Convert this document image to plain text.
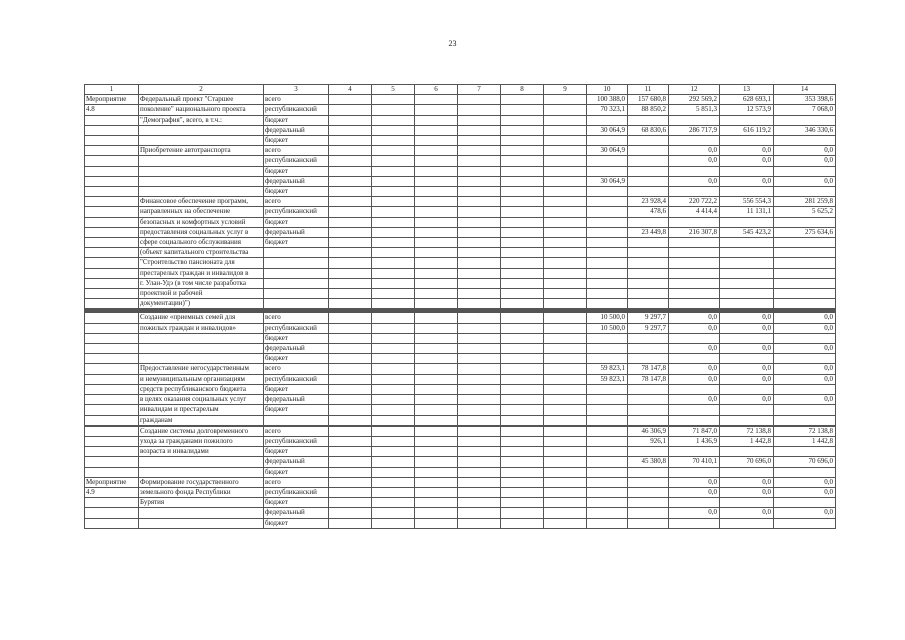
23
1	2	3	4	5	6	7	8	9	10	11	12	13	14
Мероприятие	Федеральный проект "Старшее	всего							100 388,0	157 680,8	292 569,2	628 693,1	353 398,6
4.8	поколение" национального проекта	республиканский							70 323,1	88 850,2	5 851,3	12 573,9	7 068,0
	"Демография", всего, в т.ч.:	бюджет											
		федеральный							30 064,9	68 830,6	286 717,9	616 119,2	346 330,6
		бюджет											
	Приобретение автотранспорта	всего							30 064,9		0,0	0,0	0,0
		республиканский									0,0	0,0	0,0
		бюджет											
		федеральный							30 064,9		0,0	0,0	0,0
		бюджет											
	Финансовое обеспечение программ,	всего								23 928,4	220 722,2	556 554,3	281 259,8
	направленных на обеспечение	республиканский								478,6	4 414,4	11 131,1	5 625,2
	безопасных и комфортных условий	бюджет											
	предоставления социальных услуг в	федеральный								23 449,8	216 307,8	545 423,2	275 634,6
	сфере социального обслуживания	бюджет											
	(объект капитального строительства												
	"Строительство пансионата для												
	престарелых граждан и инвалидов в												
	г. Улан-Удэ (в том числе разработка												
	проектной и рабочей												
	документации)")												

	Создание «приемных семей для	всего							10 500,0	9 297,7	0,0	0,0	0,0
	пожилых граждан и инвалидов»	республиканский							10 500,0	9 297,7	0,0	0,0	0,0
		бюджет											
		федеральный									0,0	0,0	0,0
		бюджет											
	Предоставление негосударственным	всего							59 823,1	78 147,8	0,0	0,0	0,0
	и немуниципальным организациям	республиканский							59 823,1	78 147,8	0,0	0,0	0,0
	средств республиканского бюджета	бюджет											
	в целях оказания социальных услуг	федеральный									0,0	0,0	0,0
	инвалидам и престарелым	бюджет											
	гражданам												

	Создание системы долговременного	всего								46 306,9	71 847,0	72 138,8	72 138,8
	ухода за гражданами пожилого	республиканский								926,1	1 436,9	1 442,8	1 442,8
	возраста и инвалидами	бюджет											
		федеральный								45 380,8	70 410,1	70 696,0	70 696,0
		бюджет											
Мероприятие	Формирование государственного	всего									0,0	0,0	0,0
4.9	земельного фонда Республики	республиканский									0,0	0,0	0,0
	Бурятия	бюджет											
		федеральный									0,0	0,0	0,0
		бюджет											
